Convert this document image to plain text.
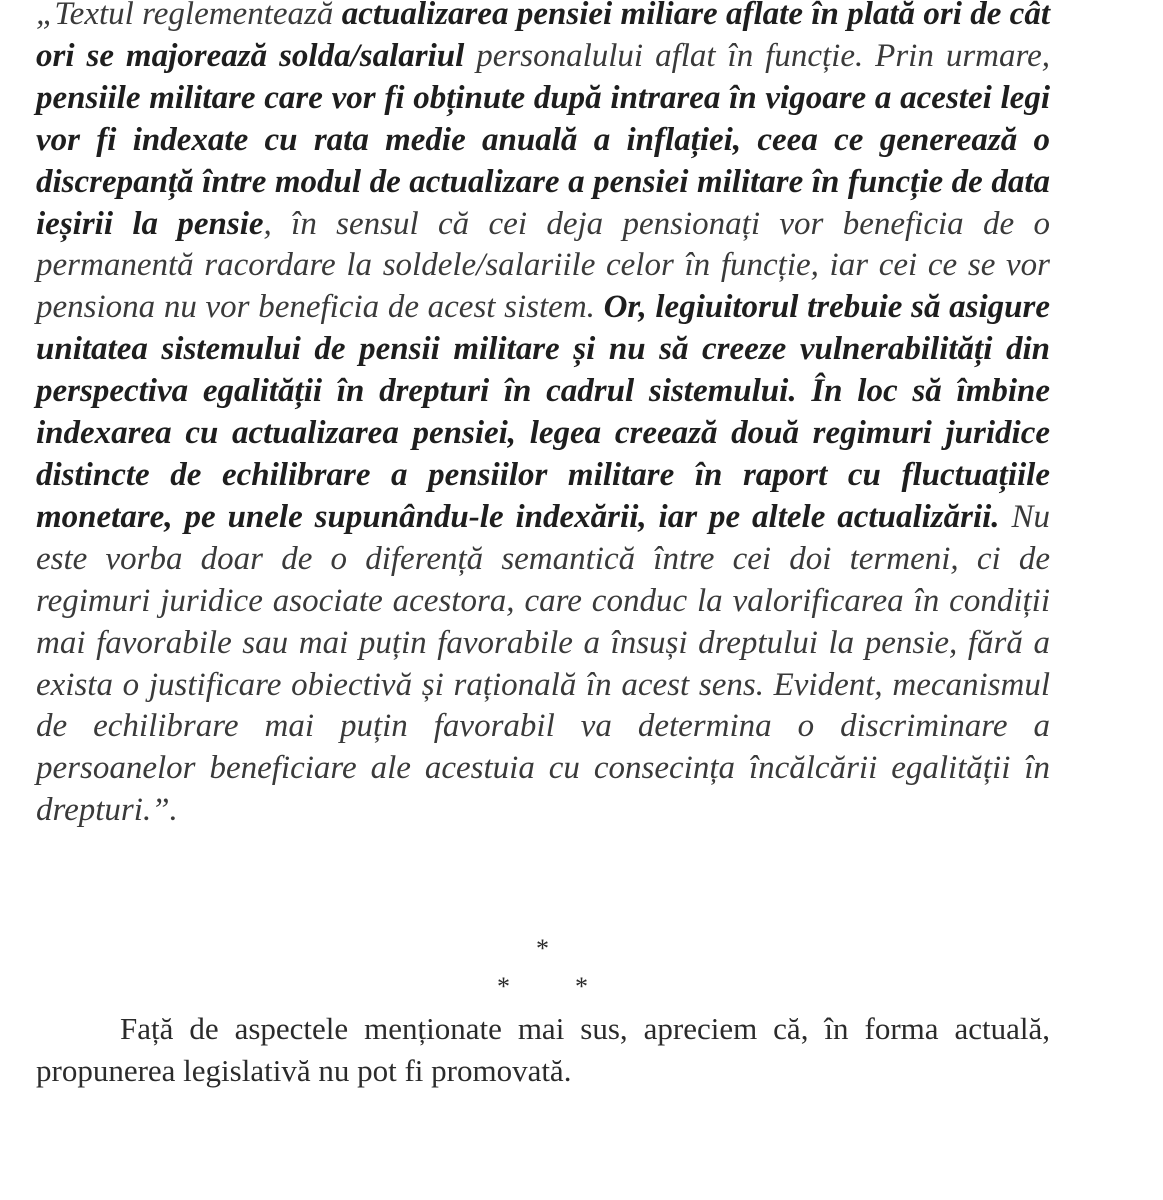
„Textul reglementează actualizarea pensiei miliare aflate în plată ori de cât ori se majorează solda/salariul personalului aflat în funcție. Prin urmare, pensiile militare care vor fi obținute după intrarea în vigoare a acestei legi vor fi indexate cu rata medie anuală a inflației, ceea ce generează o discrepanță între modul de actualizare a pensiei militare în funcție de data ieșirii la pensie, în sensul că cei deja pensionați vor beneficia de o permanentă racordare la soldele/salariile celor în funcție, iar cei ce se vor pensiona nu vor beneficia de acest sistem. Or, legiuitorul trebuie să asigure unitatea sistemului de pensii militare și nu să creeze vulnerabilități din perspectiva egalității în drepturi în cadrul sistemului. În loc să îmbine indexarea cu actualizarea pensiei, legea creează două regimuri juridice distincte de echilibrare a pensiilor militare în raport cu fluctuațiile monetare, pe unele supunându-le indexării, iar pe altele actualizării. Nu este vorba doar de o diferență semantică între cei doi termeni, ci de regimuri juridice asociate acestora, care conduc la valorificarea în condiții mai favorabile sau mai puțin favorabile a însuși dreptului la pensie, fără a exista o justificare obiectivă și rațională în acest sens. Evident, mecanismul de echilibrare mai puțin favorabil va determina o discriminare a persoanelor beneficiare ale acestuia cu consecința încălcării egalității în drepturi.”.

*
*	*

Față de aspectele menționate mai sus, apreciem că, în forma actuală, propunerea legislativă nu pot fi promovată.
